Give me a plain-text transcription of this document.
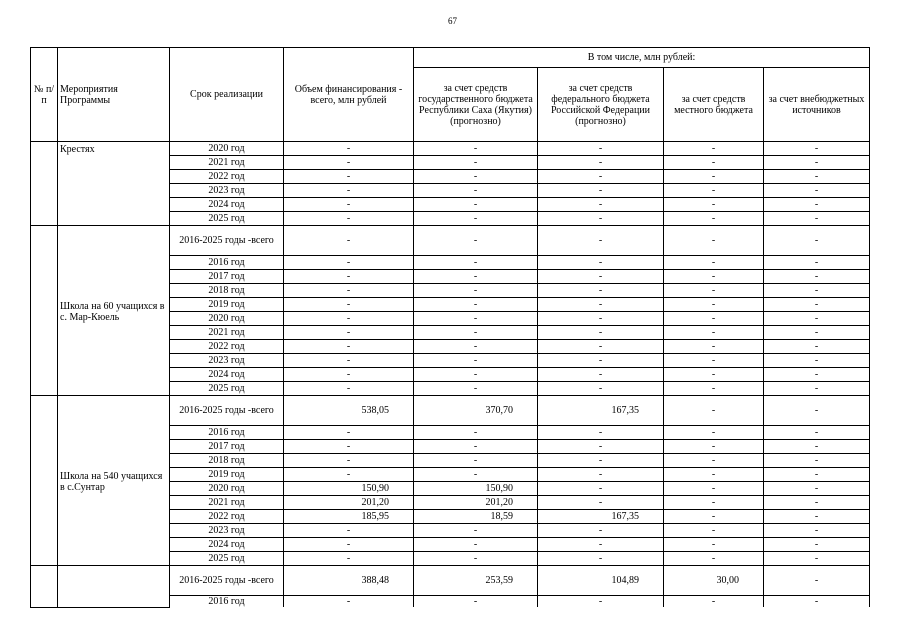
67
№ п/п	Мероприятия Программы	Срок реализации	Объем финансирования - всего, млн рублей	В том числе, млн рублей:			
				за счет средств государственного бюджета Республики Саха (Якутия) (прогнозно)	за счет средств федерального бюджета Российской Федерации (прогнозно)	за счет средств местного бюджета	за счет внебюджетных источников
	Крестях	2020 год	-	-	-	-	-
		2021 год	-	-	-	-	-
		2022 год	-	-	-	-	-
		2023 год	-	-	-	-	-
		2024 год	-	-	-	-	-
		2025 год	-	-	-	-	-
	Школа на 60 учащихся в с. Мар-Кюель	2016-2025 годы -всего	-	-	-	-	-
		2016 год	-	-	-	-	-
		2017 год	-	-	-	-	-
		2018 год	-	-	-	-	-
		2019 год	-	-	-	-	-
		2020 год	-	-	-	-	-
		2021 год	-	-	-	-	-
		2022 год	-	-	-	-	-
		2023 год	-	-	-	-	-
		2024 год	-	-	-	-	-
		2025 год	-	-	-	-	-
	Школа на 540 учащихся в с.Сунтар	2016-2025 годы -всего	538,05	370,70	167,35	-	-
		2016 год	-	-	-	-	-
		2017 год	-	-	-	-	-
		2018 год	-	-	-	-	-
		2019 год	-	-	-	-	-
		2020 год	150,90	150,90	-	-	-
		2021 год	201,20	201,20	-	-	-
		2022 год	185,95	18,59	167,35	-	-
		2023 год	-	-	-	-	-
		2024 год	-	-	-	-	-
		2025 год	-	-	-	-	-
		2016-2025 годы -всего	388,48	253,59	104,89	30,00	-
		2016 год	-	-	-	-	-
